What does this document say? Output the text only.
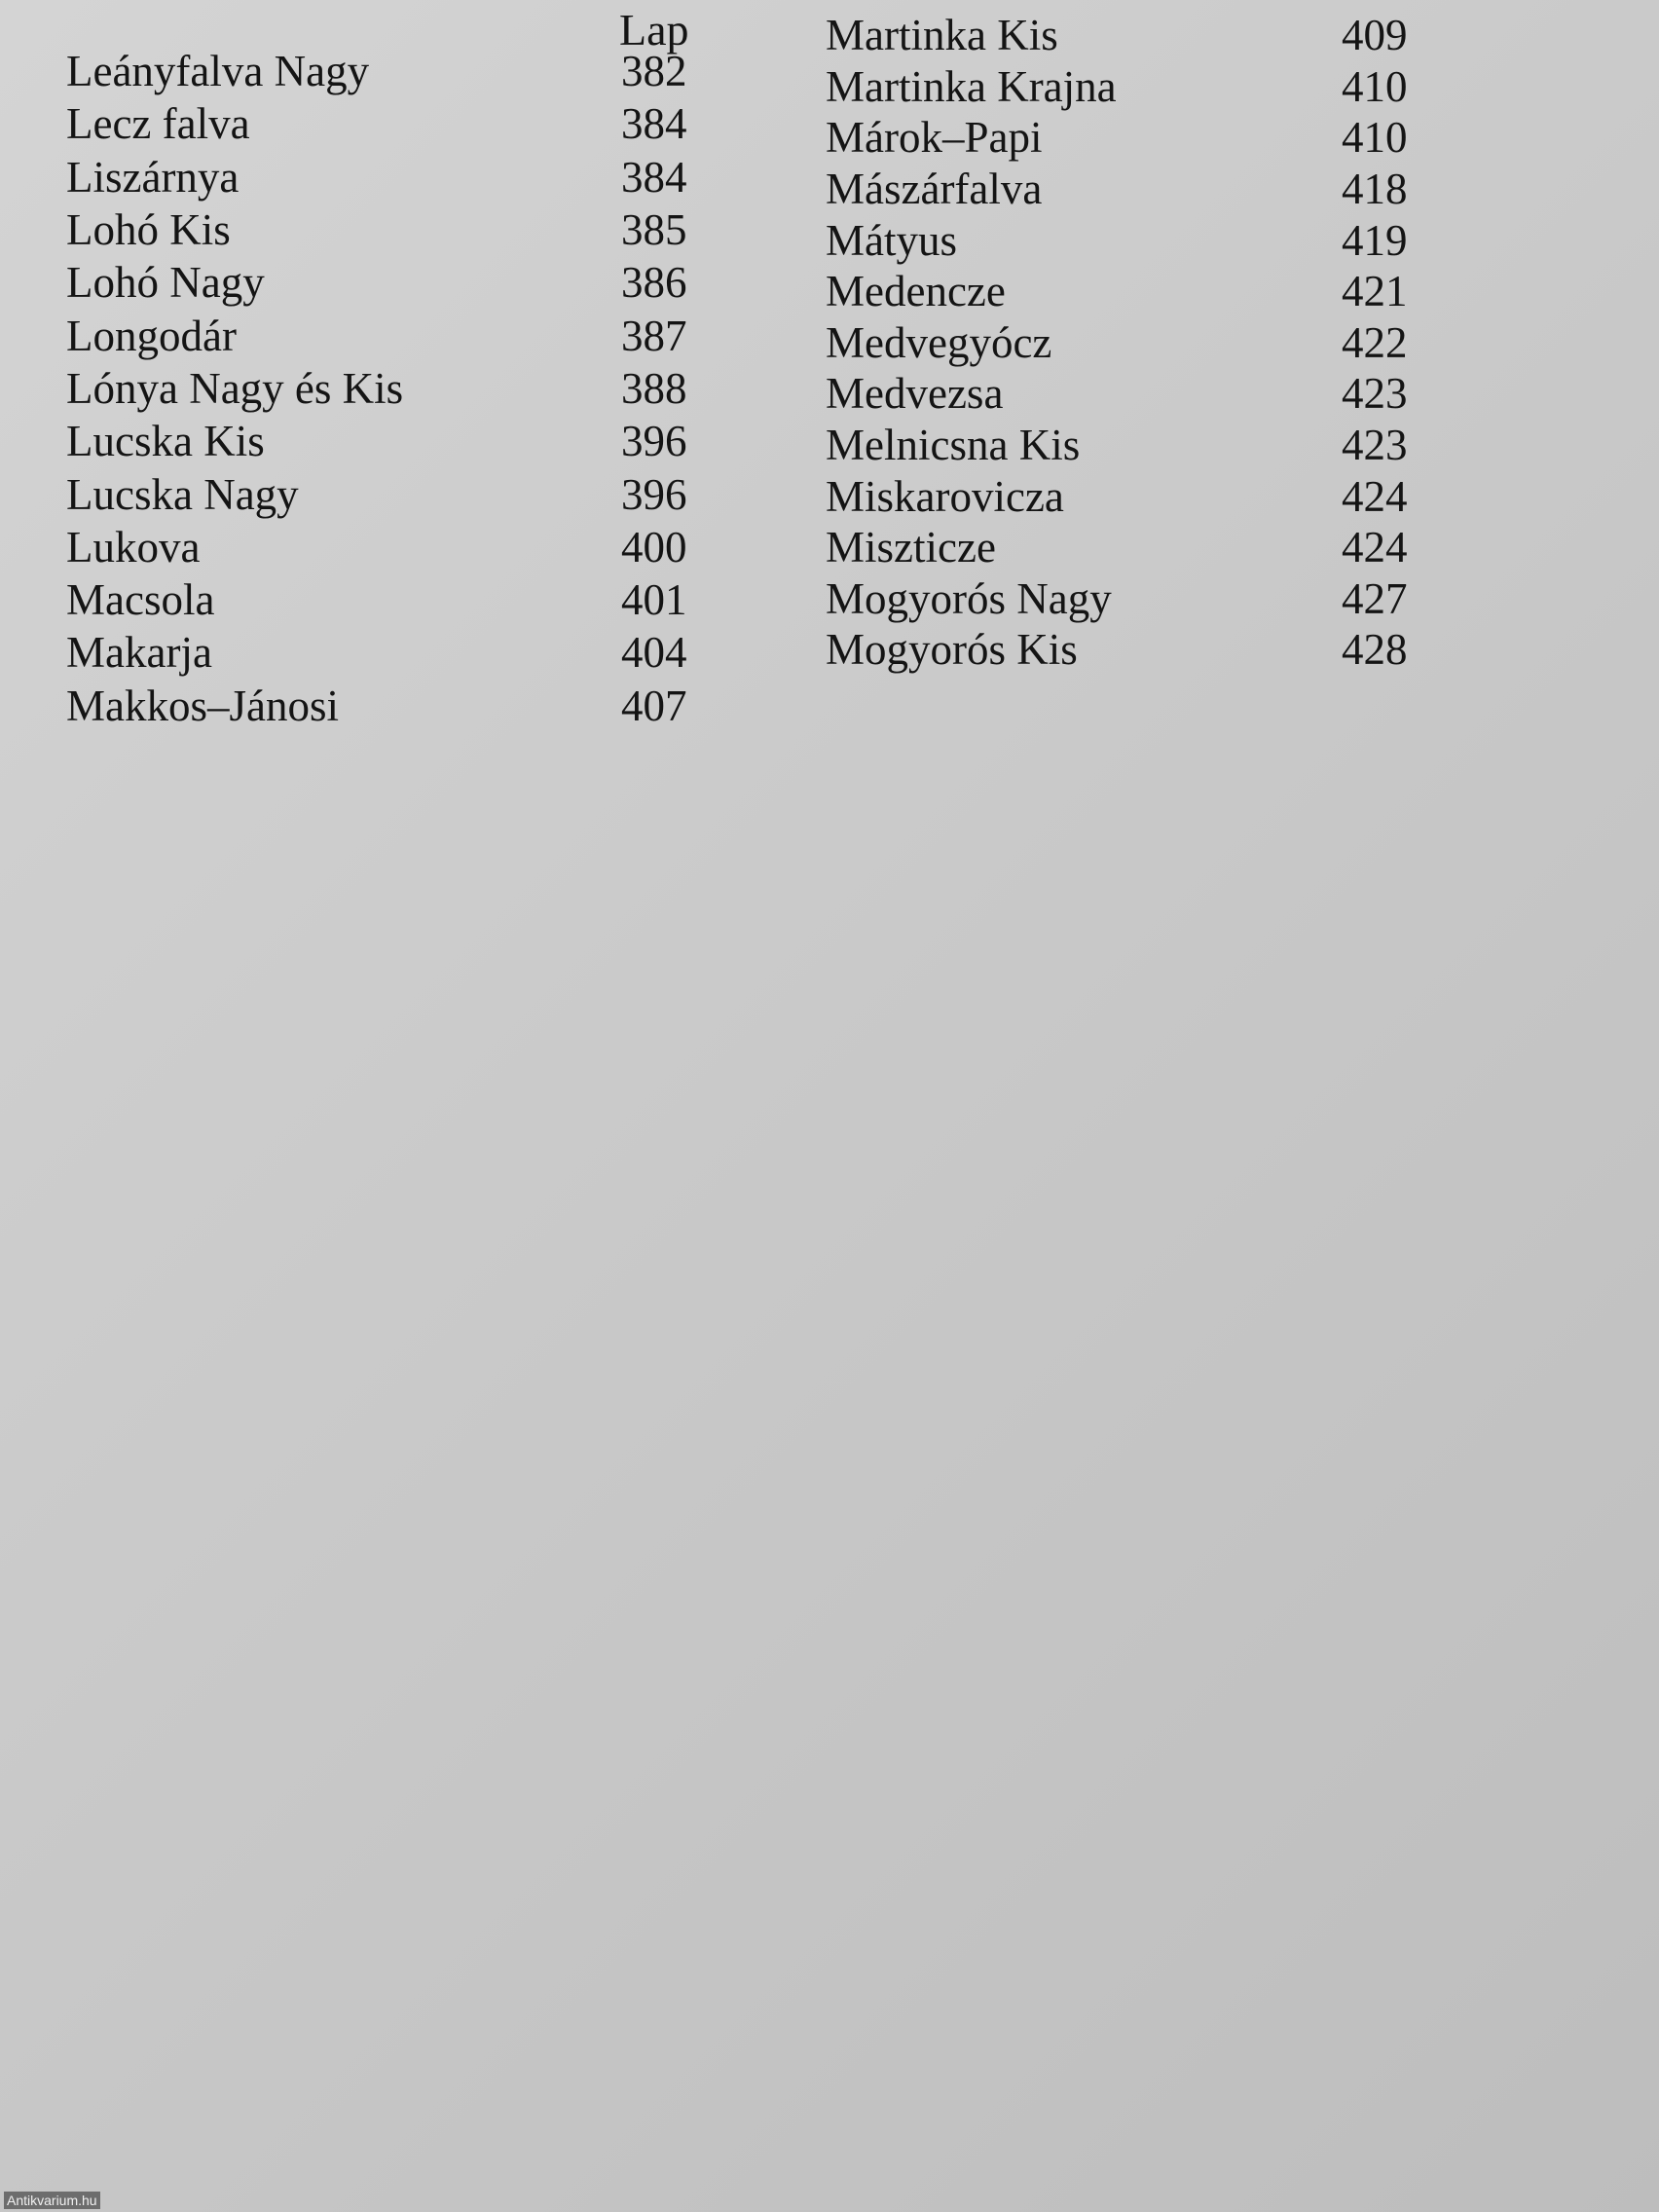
Lap
Leányfalva Nagy	382
Lecz falva	384
Liszárnya	384
Lohó Kis	385
Lohó Nagy	386
Longodár	387
Lónya Nagy és Kis	388
Lucska Kis	396
Lucska Nagy	396
Lukova	400
Macsola	401
Makarja	404
Makkos–Jánosi	407
Martinka Kis	409
Martinka Krajna	410
Márok–Papi	410
Mászárfalva	418
Mátyus	419
Medencze	421
Medvegyócz	422
Medvezsa	423
Melnicsna Kis	423
Miskarovicza	424
Miszticze	424
Mogyorós Nagy	427
Mogyorós Kis	428
Antikvarium.hu
